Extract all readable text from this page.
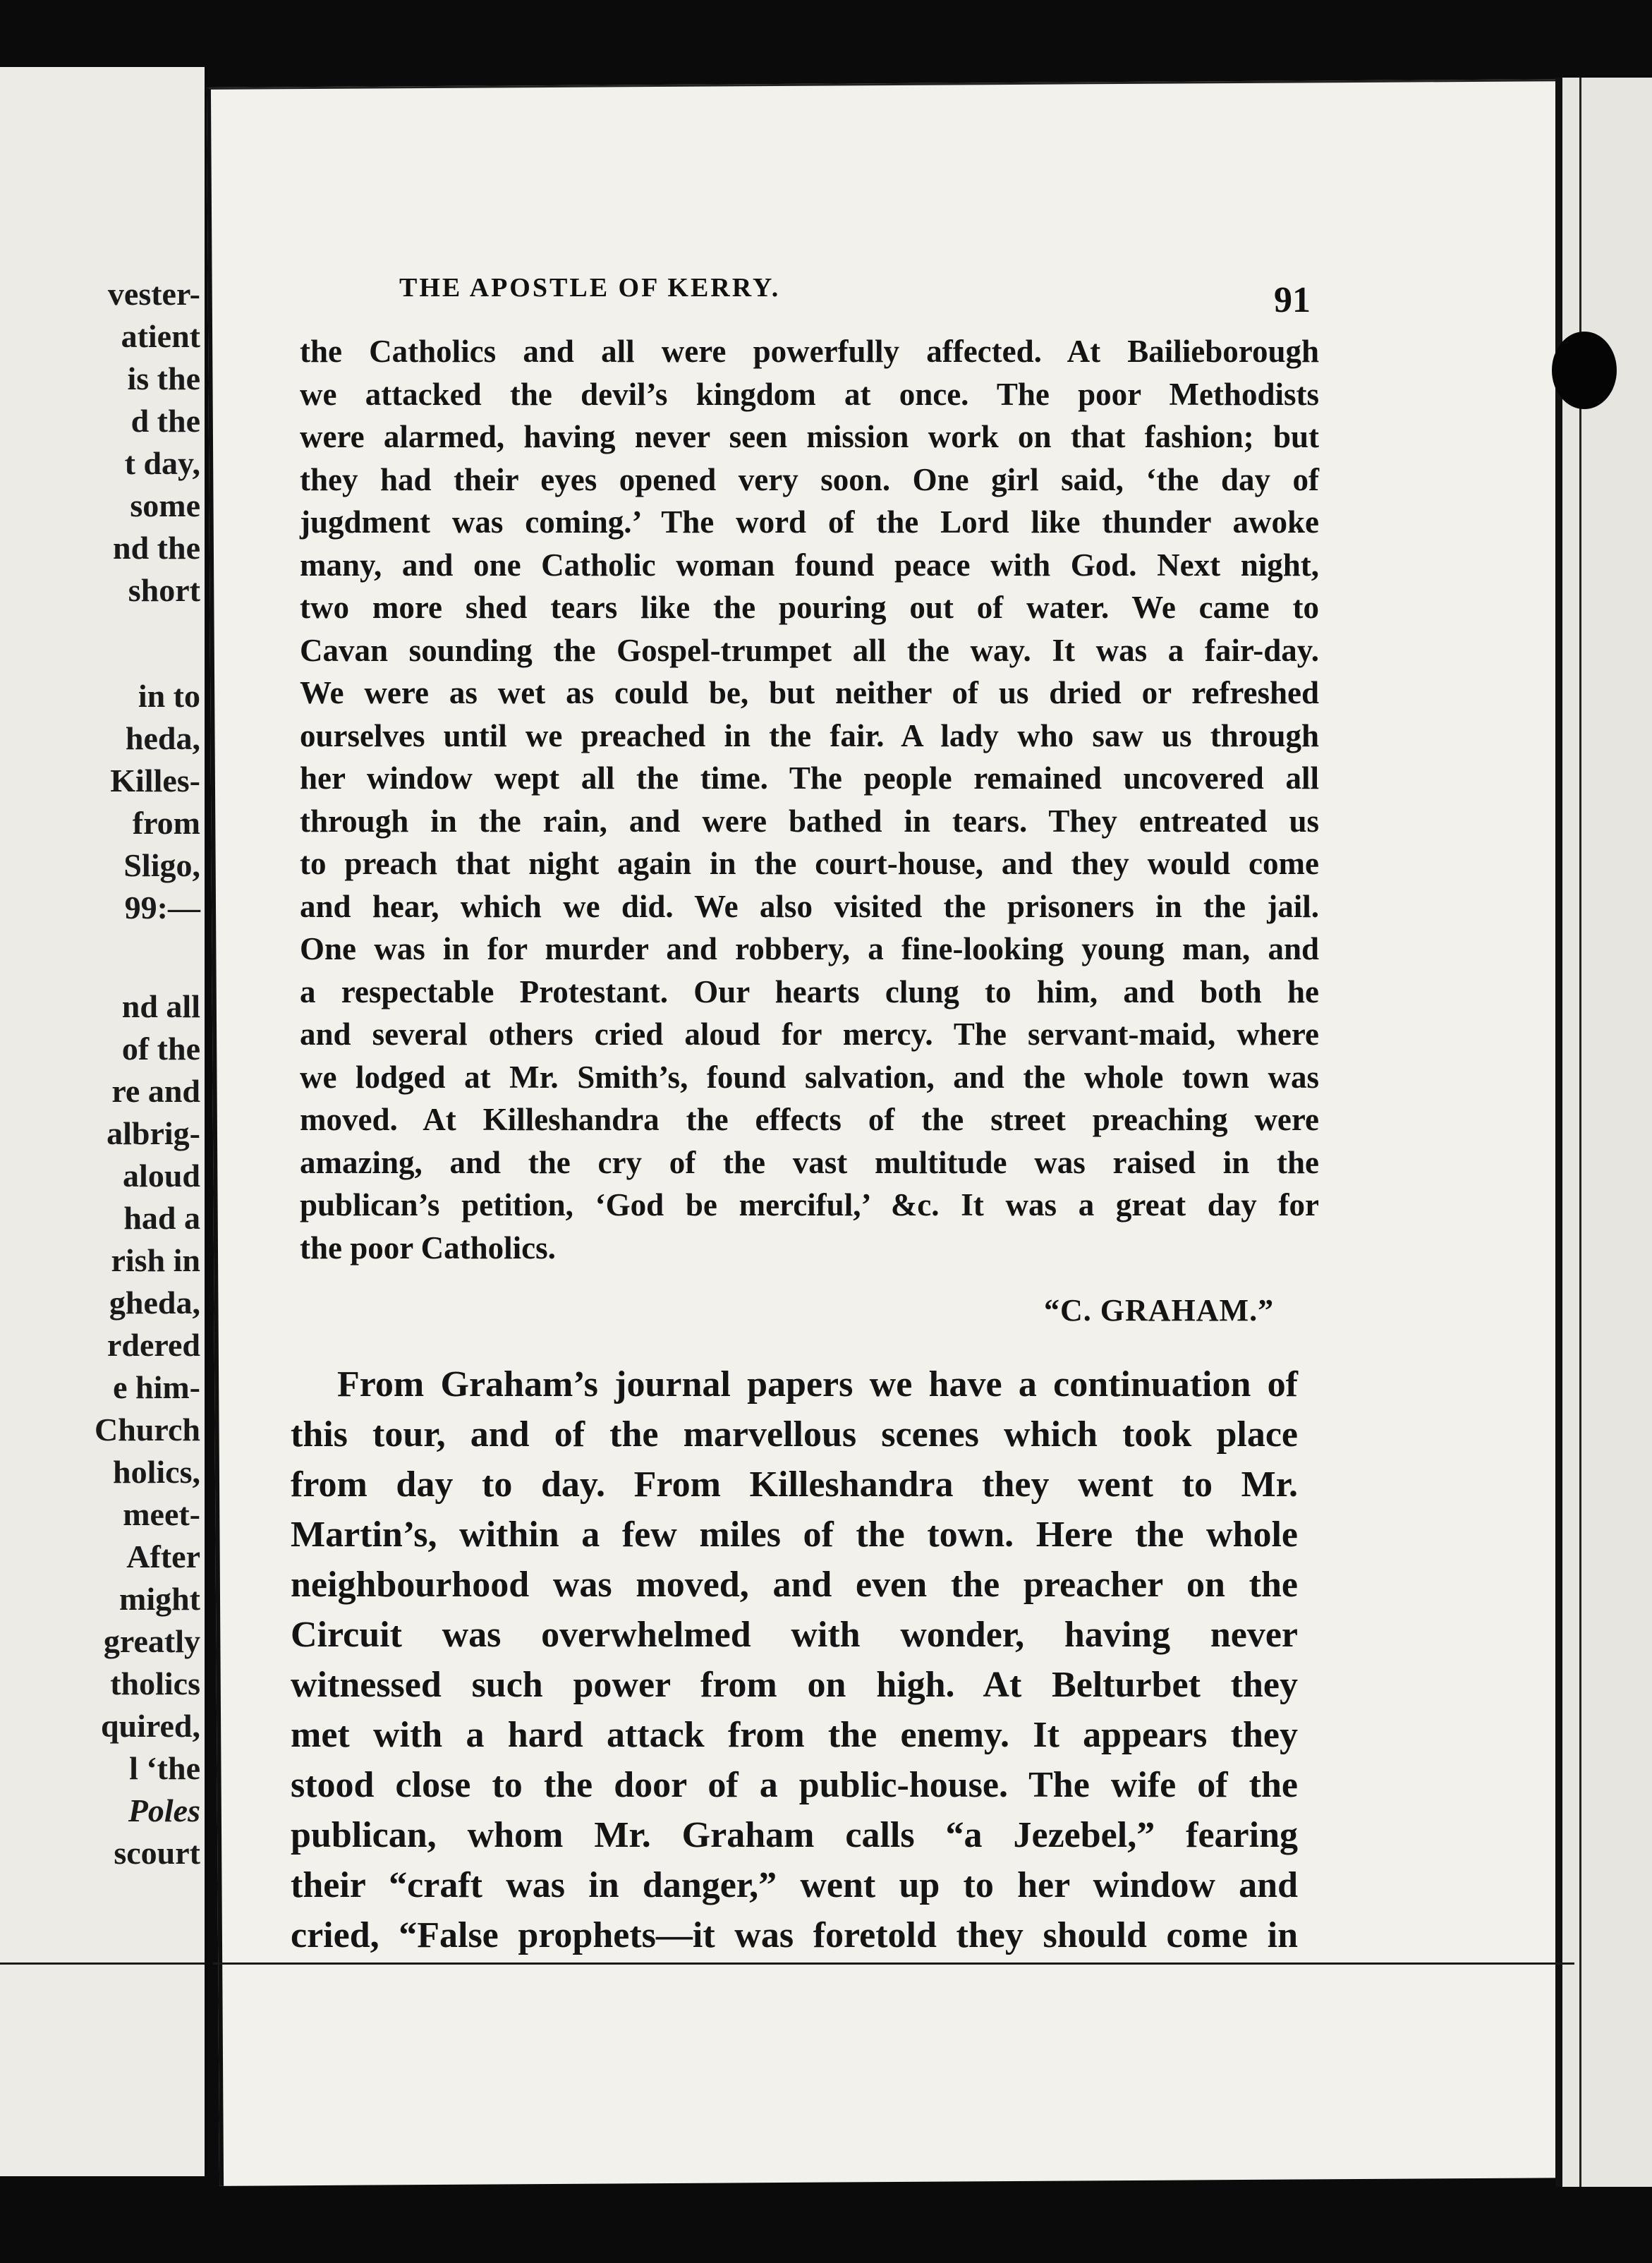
vester-
atient
is the
d the
t day,
some
nd the
short
in to
heda,
Killes-
from
Sligo,
99:—
nd all
of the
re and
albrig-
aloud
had a
rish in
gheda,
rdered
e him-
Church
holics,
meet-
After
might
greatly
tholics
quired,
l ‘the
Poles
scourt
THE APOSTLE OF KERRY.	91
the Catholics and all were powerfully affected. At Bailieborough
we attacked the devil’s kingdom at once. The poor Methodists
were alarmed, having never seen mission work on that fashion; but
they had their eyes opened very soon. One girl said, ‘the day of
jugdment was coming.’ The word of the Lord like thunder awoke
many, and one Catholic woman found peace with God. Next night,
two more shed tears like the pouring out of water. We came to
Cavan sounding the Gospel-trumpet all the way. It was a fair-day.
We were as wet as could be, but neither of us dried or refreshed
ourselves until we preached in the fair. A lady who saw us through
her window wept all the time. The people remained uncovered all
through in the rain, and were bathed in tears. They entreated us
to preach that night again in the court-house, and they would come
and hear, which we did. We also visited the prisoners in the jail.
One was in for murder and robbery, a fine-looking young man, and
a respectable Protestant. Our hearts clung to him, and both he
and several others cried aloud for mercy. The servant-maid, where
we lodged at Mr. Smith’s, found salvation, and the whole town was
moved. At Killeshandra the effects of the street preaching were
amazing, and the cry of the vast multitude was raised in the
publican’s petition, ‘God be merciful,’ &c. It was a great day for
the poor Catholics.
“C. GRAHAM.”
From Graham’s journal papers we have a continuation of
this tour, and of the marvellous scenes which took place
from day to day. From Killeshandra they went to Mr.
Martin’s, within a few miles of the town. Here the whole
neighbourhood was moved, and even the preacher on the
Circuit was overwhelmed with wonder, having never
witnessed such power from on high. At Belturbet they
met with a hard attack from the enemy. It appears they
stood close to the door of a public-house. The wife of the
publican, whom Mr. Graham calls “a Jezebel,” fearing
their “craft was in danger,” went up to her window and
cried, “False prophets—it was foretold they should come in
